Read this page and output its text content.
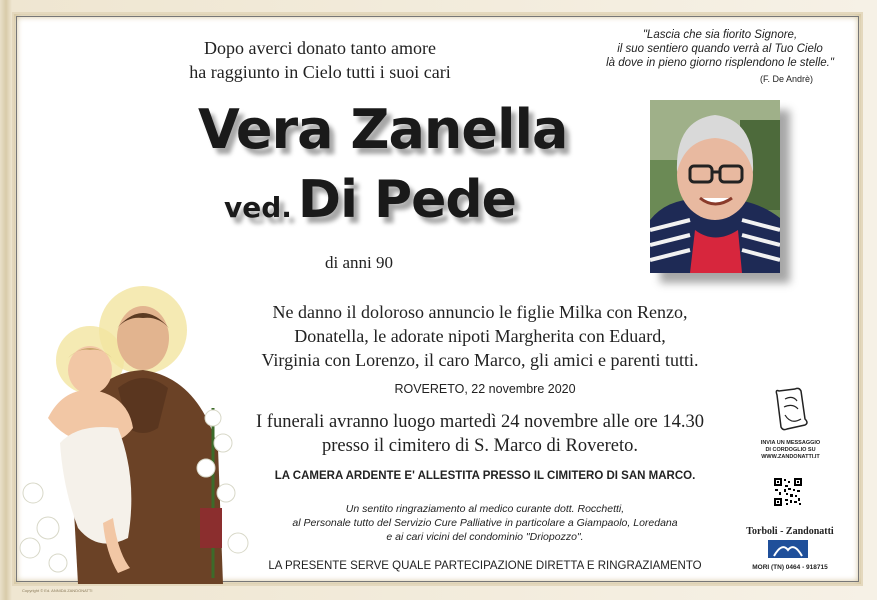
Dopo averci donato tanto amore
ha raggiunto in Cielo tutti i suoi cari
"Lascia che sia fiorito Signore,
il suo sentiero quando verrà al Tuo Cielo
là dove in pieno giorno risplendono le stelle."
(F. De Andrè)
Vera Zanella
ved. Di Pede
di anni 90
Ne danno il doloroso annuncio le figlie Milka con Renzo,
Donatella, le adorate nipoti Margherita con Eduard,
Virginia con Lorenzo, il caro Marco, gli amici e parenti tutti.
ROVERETO, 22 novembre 2020
I funerali avranno luogo martedì 24 novembre alle ore 14.30
presso il cimitero di S. Marco di Rovereto.
LA CAMERA ARDENTE E' ALLESTITA PRESSO IL CIMITERO DI SAN MARCO.
Un sentito ringraziamento al medico curante dott. Rocchetti,
al Personale tutto del Servizio Cure Palliative in particolare a Giampaolo, Loredana
e ai cari vicini del condominio "Driopozzo".
LA PRESENTE SERVE QUALE PARTECIPAZIONE DIRETTA E RINGRAZIAMENTO
Copyright © Ed. ANNIDA ZANDONATTI
INVIA UN MESSAGGIO
DI CORDOGLIO SU
WWW.ZANDONATTI.IT
Torboli - Zandonatti
MORI (TN) 0464 - 918715
